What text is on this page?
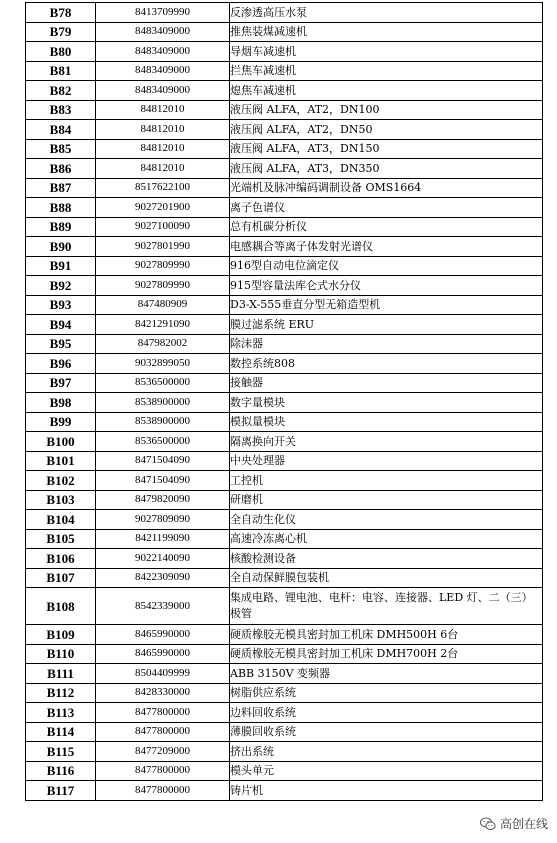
B78	8413709990	反渗透高压水泵
B79	8483409000	推焦装煤减速机
B80	8483409000	导烟车减速机
B81	8483409000	拦焦车减速机
B82	8483409000	熄焦车减速机
B83	84812010	液压阀 ALFA，AT2，DN100
B84	84812010	液压阀 ALFA，AT2，DN50
B85	84812010	液压阀 ALFA，AT3，DN150
B86	84812010	液压阀 ALFA，AT3，DN350
B87	8517622100	光端机及脉冲编码调制设备 OMS1664
B88	9027201900	离子色谱仪
B89	9027100090	总有机碳分析仪
B90	9027801990	电感耦合等离子体发射光谱仪
B91	9027809990	916型自动电位滴定仪
B92	9027809990	915型容量法库仑式水分仪
B93	847480909	D3-X-555垂直分型无箱造型机
B94	8421291090	膜过滤系统 ERU
B95	847982002	除沫器
B96	9032899050	数控系统808
B97	8536500000	接触器
B98	8538900000	数字量模块
B99	8538900000	模拟量模块
B100	8536500000	隔离换向开关
B101	8471504090	中央处理器
B102	8471504090	工控机
B103	8479820090	研磨机
B104	9027809090	全自动生化仪
B105	8421199090	高速冷冻离心机
B106	9022140090	核酸检测设备
B107	8422309090	全自动保鲜膜包装机
B108	8542339000	集成电路、锂电池、电杆：电容、连接器、LED 灯、二（三）极管
B109	8465990000	硬质橡胶无模具密封加工机床 DMH500H 6台
B110	8465990000	硬质橡胶无模具密封加工机床 DMH700H 2台
B111	8504409999	ABB 3150V 变频器
B112	8428330000	树脂供应系统
B113	8477800000	边料回收系统
B114	8477800000	薄膜回收系统
B115	8477209000	挤出系统
B116	8477800000	模头单元
B117	8477800000	铸片机
高创在线
